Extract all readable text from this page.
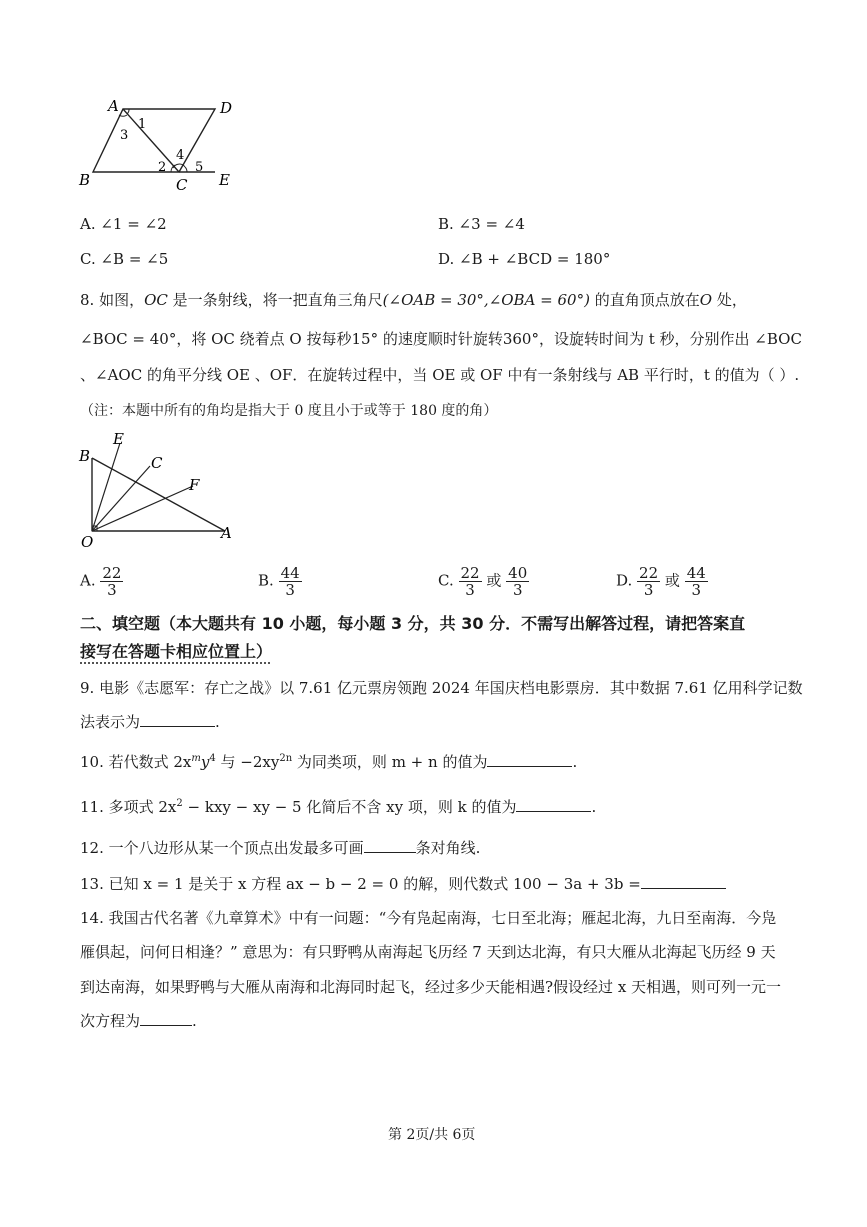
A	D
B	C E
1
2
3
4
5
A. ∠1 = ∠2	B. ∠3 = ∠4
C. ∠B = ∠5	D. ∠B + ∠BCD = 180°
8. 如图，OC 是一条射线，将一把直角三角尺(∠OAB = 30°,∠OBA = 60°) 的直角顶点放在O 处，
∠BOC = 40°，将 OC 绕着点 O 按每秒15° 的速度顺时针旋转360°，设旋转时间为 t 秒，分别作出 ∠BOC
、∠AOC 的角平分线 OE 、OF．在旋转过程中，当 OE 或 OF 中有一条射线与 AB 平行时，t 的值为（ ）.
（注：本题中所有的角均是指大于 0 度且小于或等于 180 度的角）
B
E
C
F
O	A
A. $\frac{22}{3}$	B. $\frac{44}{3}$	C. $\frac{22}{3}$ 或 $\frac{40}{3}$	D. $\frac{22}{3}$ 或 $\frac{44}{3}$
二、填空题（本大题共有 10 小题，每小题 3 分，共 30 分．不需写出解答过程，请把答案直
接写在答题卡相应位置上）
9. 电影《志愿军：存亡之战》以 7.61 亿元票房领跑 2024 年国庆档电影票房．其中数据 7.61 亿用科学记数
法表示为	.
10. 若代数式 $2x^my^4$ 与 $-2xy^{2n}$ 为同类项，则 m + n 的值为	.
11. 多项式 $2x^2$ − kxy − xy − 5 化简后不含 xy 项，则 k 的值为	.
12. 一个八边形从某一个顶点出发最多可画	条对角线.
13. 已知 x = 1 是关于 x 方程 ax − b − 2 = 0 的解，则代数式 100 − 3a + 3b =
14. 我国古代名著《九章算术》中有一问题：“今有凫起南海，七日至北海；雁起北海，九日至南海．今凫
雁俱起，问何日相逢？” 意思为：有只野鸭从南海起飞历经 7 天到达北海，有只大雁从北海起飞历经 9 天
到达南海，如果野鸭与大雁从南海和北海同时起飞，经过多少天能相遇?假设经过 x 天相遇，则可列一元一
次方程为	.
第 2页/共 6页
